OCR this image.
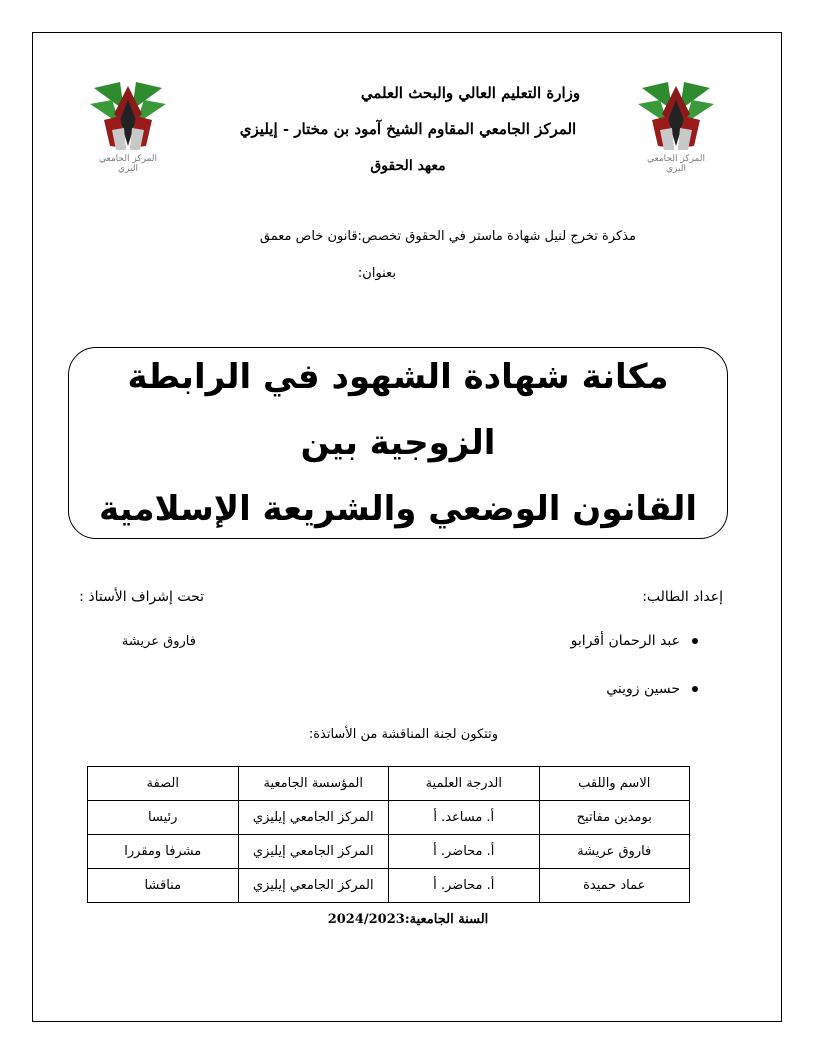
المركز الجامعي اليزي
المركز الجامعي اليزي
وزارة التعليم العالي والبحث العلمي
المركز الجامعي المقاوم الشيخ آمود بن مختار - إيليزي
معهد الحقوق
مذكرة تخرج لنيل شهادة ماستر في الحقوق تخصص:قانون خاص معمق
بعنوان:
مكانة شهادة الشهود في الرابطة الزوجية بين
القانون الوضعي والشريعة الإسلامية
إعداد الطالب:
تحت إشراف الأستاذ :
عبد الرحمان أقرابو
حسين زويني
فاروق عريشة
وتتكون لجنة المناقشة من الأساتذة:
الاسم واللقب	الدرجة العلمية	المؤسسة الجامعية	الصفة
بومدين مفاتيح	أ. مساعد. أ	المركز الجامعي إيليزي	رئيسا
فاروق عريشة	أ. محاضر. أ	المركز الجامعي إيليزي	مشرفا ومقررا
عماد حميدة	أ. محاضر. أ	المركز الجامعي إيليزي	مناقشا
السنة الجامعية:2024/2023
